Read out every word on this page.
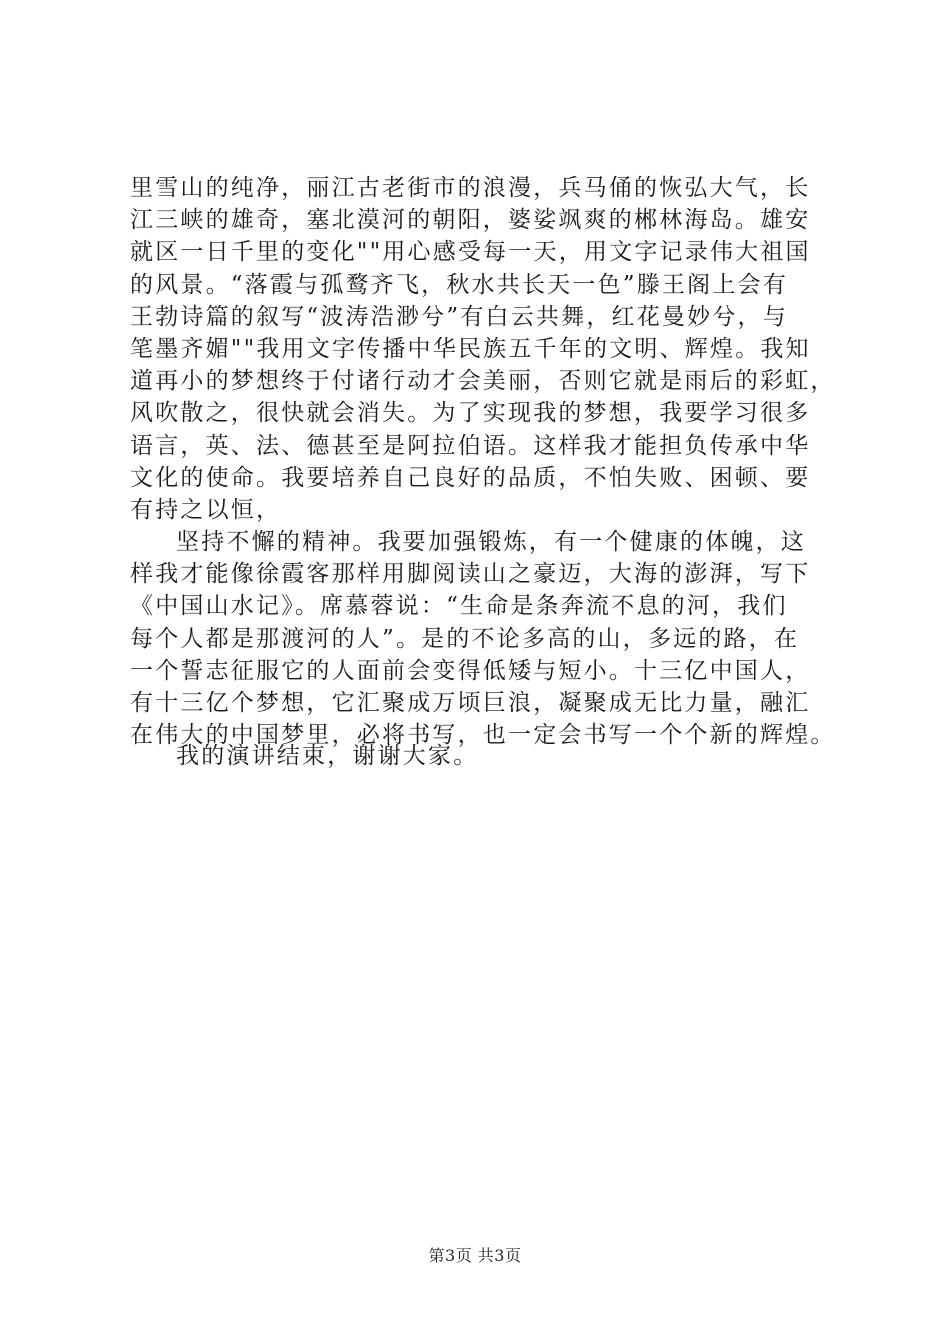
里雪山的纯净，丽江古老街市的浪漫，兵马俑的恢弘大气，长
江三峡的雄奇，塞北漠河的朝阳，婆娑飒爽的郴林海岛。雄安
就区一日千里的变化""用心感受每一天，用文字记录伟大祖国
的风景。“落霞与孤鹜齐飞，秋水共长天一色”滕王阁上会有
王勃诗篇的叙写“波涛浩渺兮”有白云共舞，红花曼妙兮，与
笔墨齐媚""我用文字传播中华民族五千年的文明、辉煌。我知
道再小的梦想终于付诸行动才会美丽，否则它就是雨后的彩虹，
风吹散之，很快就会消失。为了实现我的梦想，我要学习很多
语言，英、法、德甚至是阿拉伯语。这样我才能担负传承中华
文化的使命。我要培养自己良好的品质，不怕失败、困顿、要
有持之以恒，
坚持不懈的精神。我要加强锻炼，有一个健康的体魄，这
样我才能像徐霞客那样用脚阅读山之豪迈，大海的澎湃，写下
《中国山水记》。席慕蓉说：“生命是条奔流不息的河，我们
每个人都是那渡河的人”。是的不论多高的山，多远的路，在
一个誓志征服它的人面前会变得低矮与短小。十三亿中国人，
有十三亿个梦想，它汇聚成万顷巨浪，凝聚成无比力量，融汇
在伟大的中国梦里，必将书写，也一定会书写一个个新的辉煌。
我的演讲结束，谢谢大家。
第3页 共3页
